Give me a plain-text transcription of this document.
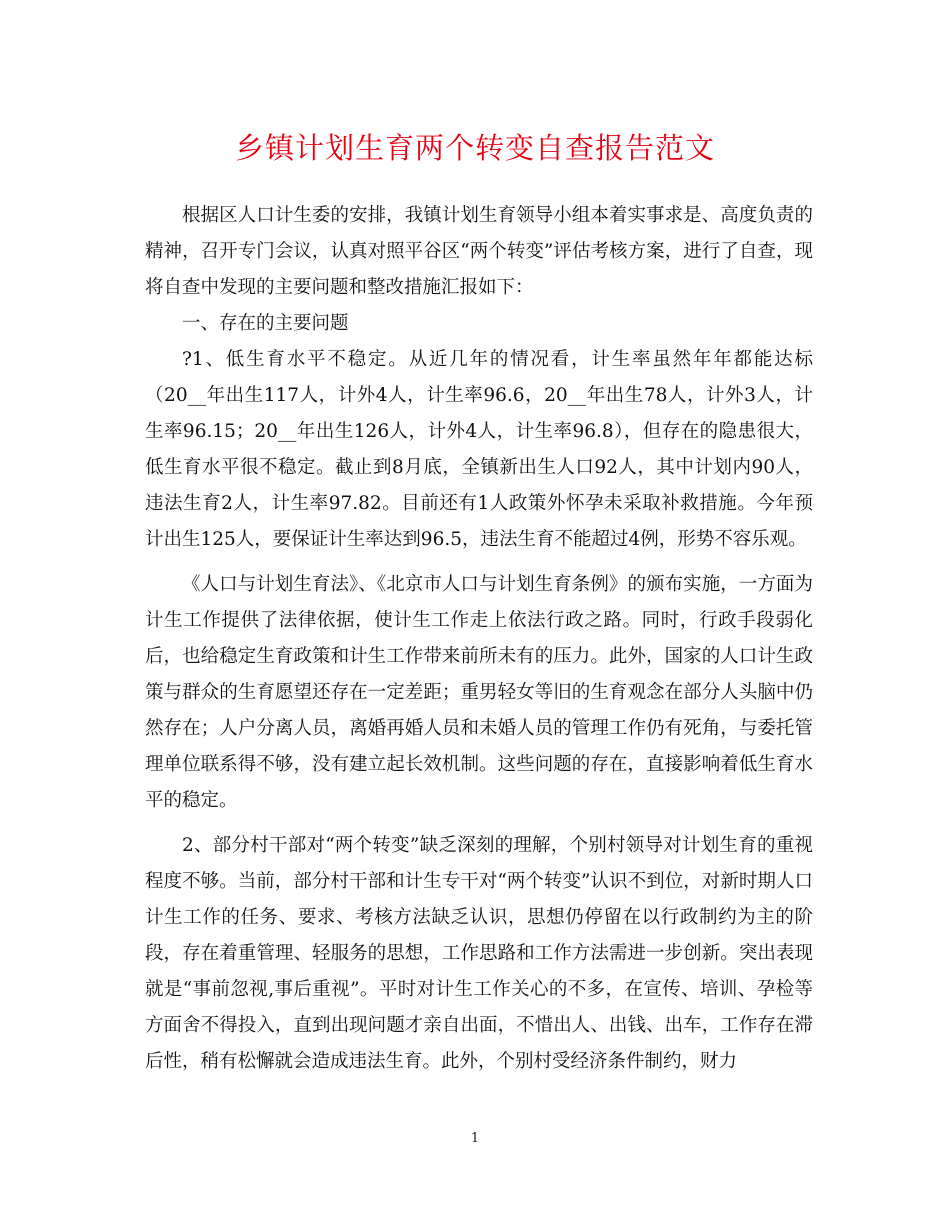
乡镇计划生育两个转变自查报告范文

根据区人口计生委的安排，我镇计划生育领导小组本着实事求是、高度负责的精神，召开专门会议，认真对照平谷区“两个转变”评估考核方案，进行了自查，现将自查中发现的主要问题和整改措施汇报如下：

一、存在的主要问题

?1、低生育水平不稳定。从近几年的情况看，计生率虽然年年都能达标（20__年出生117人，计外4人，计生率96.6，20__年出生78人，计外3人，计生率96.15；20__年出生126人，计外4人，计生率96.8），但存在的隐患很大，低生育水平很不稳定。截止到8月底，全镇新出生人口92人，其中计划内90人，违法生育2人，计生率97.82。目前还有1人政策外怀孕未采取补救措施。今年预计出生125人，要保证计生率达到96.5，违法生育不能超过4例，形势不容乐观。

《人口与计划生育法》、《北京市人口与计划生育条例》的颁布实施，一方面为计生工作提供了法律依据，使计生工作走上依法行政之路。同时，行政手段弱化后，也给稳定生育政策和计生工作带来前所未有的压力。此外，国家的人口计生政策与群众的生育愿望还存在一定差距；重男轻女等旧的生育观念在部分人头脑中仍然存在；人户分离人员，离婚再婚人员和未婚人员的管理工作仍有死角，与委托管理单位联系得不够，没有建立起长效机制。这些问题的存在，直接影响着低生育水平的稳定。

2、部分村干部对“两个转变”缺乏深刻的理解，个别村领导对计划生育的重视程度不够。当前，部分村干部和计生专干对“两个转变”认识不到位，对新时期人口计生工作的任务、要求、考核方法缺乏认识，思想仍停留在以行政制约为主的阶段，存在着重管理、轻服务的思想，工作思路和工作方法需进一步创新。突出表现就是“事前忽视,事后重视”。平时对计生工作关心的不多，在宣传、培训、孕检等方面舍不得投入，直到出现问题才亲自出面，不惜出人、出钱、出车，工作存在滞后性，稍有松懈就会造成违法生育。此外，个别村受经济条件制约，财力

1
